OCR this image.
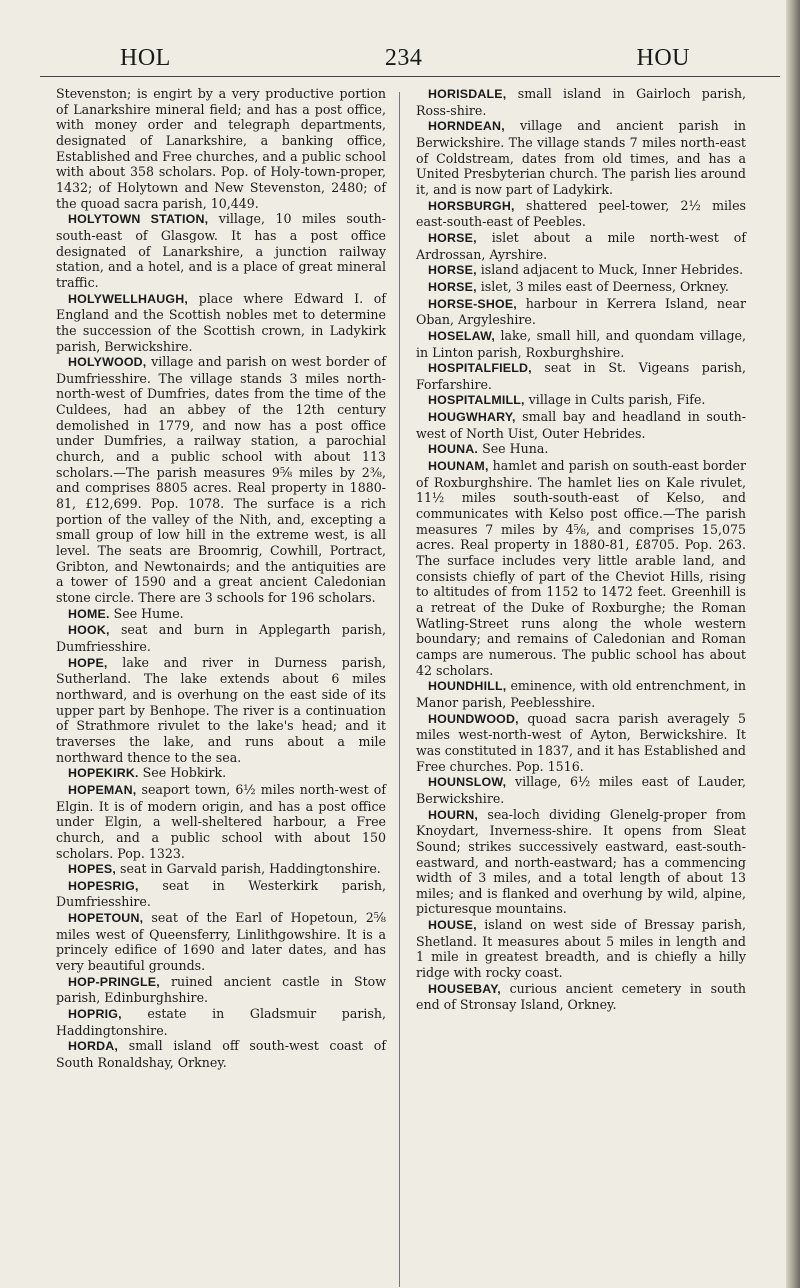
HOL	234	HOU

Stevenston; is engirt by a very productive portion of Lanarkshire mineral field; and has a post office, with money order and telegraph departments, designated of Lanarkshire, a banking office, Established and Free churches, and a public school with about 358 scholars. Pop. of Holy-town-proper, 1432; of Holytown and New Stevenston, 2480; of the quoad sacra parish, 10,449.

HOLYTOWN STATION, village, 10 miles south-south-east of Glasgow. It has a post office designated of Lanarkshire, a junction railway station, and a hotel, and is a place of great mineral traffic.

HOLYWELLHAUGH, place where Edward I. of England and the Scottish nobles met to determine the succession of the Scottish crown, in Ladykirk parish, Berwickshire.

HOLYWOOD, village and parish on west border of Dumfriesshire. The village stands 3 miles north-north-west of Dumfries, dates from the time of the Culdees, had an abbey of the 12th century demolished in 1779, and now has a post office under Dumfries, a railway station, a parochial church, and a public school with about 113 scholars.—The parish measures 9⅝ miles by 2⅜, and comprises 8805 acres. Real property in 1880-81, £12,699. Pop. 1078. The surface is a rich portion of the valley of the Nith, and, excepting a small group of low hill in the extreme west, is all level. The seats are Broomrig, Cowhill, Portract, Gribton, and Newtonairds; and the antiquities are a tower of 1590 and a great ancient Caledonian stone circle. There are 3 schools for 196 scholars.

HOME. See Hume.

HOOK, seat and burn in Applegarth parish, Dumfriesshire.

HOPE, lake and river in Durness parish, Sutherland. The lake extends about 6 miles northward, and is overhung on the east side of its upper part by Benhope. The river is a continuation of Strathmore rivulet to the lake's head; and it traverses the lake, and runs about a mile northward thence to the sea.

HOPEKIRK. See Hobkirk.

HOPEMAN, seaport town, 6½ miles north-west of Elgin. It is of modern origin, and has a post office under Elgin, a well-sheltered harbour, a Free church, and a public school with about 150 scholars. Pop. 1323.

HOPES, seat in Garvald parish, Haddingtonshire.

HOPESRIG, seat in Westerkirk parish, Dumfriesshire.

HOPETOUN, seat of the Earl of Hopetoun, 2⅝ miles west of Queensferry, Linlithgowshire. It is a princely edifice of 1690 and later dates, and has very beautiful grounds.

HOP-PRINGLE, ruined ancient castle in Stow parish, Edinburghshire.

HOPRIG, estate in Gladsmuir parish, Haddingtonshire.

HORDA, small island off south-west coast of South Ronaldshay, Orkney.

HORISDALE, small island in Gairloch parish, Ross-shire.

HORNDEAN, village and ancient parish in Berwickshire. The village stands 7 miles north-east of Coldstream, dates from old times, and has a United Presbyterian church. The parish lies around it, and is now part of Ladykirk.

HORSBURGH, shattered peel-tower, 2½ miles east-south-east of Peebles.

HORSE, islet about a mile north-west of Ardrossan, Ayrshire.

HORSE, island adjacent to Muck, Inner Hebrides.

HORSE, islet, 3 miles east of Deerness, Orkney.

HORSE-SHOE, harbour in Kerrera Island, near Oban, Argyleshire.

HOSELAW, lake, small hill, and quondam village, in Linton parish, Roxburghshire.

HOSPITALFIELD, seat in St. Vigeans parish, Forfarshire.

HOSPITALMILL, village in Cults parish, Fife.

HOUGWHARY, small bay and headland in south-west of North Uist, Outer Hebrides.

HOUNA. See Huna.

HOUNAM, hamlet and parish on south-east border of Roxburghshire. The hamlet lies on Kale rivulet, 11½ miles south-south-east of Kelso, and communicates with Kelso post office.—The parish measures 7 miles by 4⅝, and comprises 15,075 acres. Real property in 1880-81, £8705. Pop. 263. The surface includes very little arable land, and consists chiefly of part of the Cheviot Hills, rising to altitudes of from 1152 to 1472 feet. Greenhill is a retreat of the Duke of Roxburghe; the Roman Watling-Street runs along the whole western boundary; and remains of Caledonian and Roman camps are numerous. The public school has about 42 scholars.

HOUNDHILL, eminence, with old entrenchment, in Manor parish, Peeblesshire.

HOUNDWOOD, quoad sacra parish averagely 5 miles west-north-west of Ayton, Berwickshire. It was constituted in 1837, and it has Established and Free churches. Pop. 1516.

HOUNSLOW, village, 6½ miles east of Lauder, Berwickshire.

HOURN, sea-loch dividing Glenelg-proper from Knoydart, Inverness-shire. It opens from Sleat Sound; strikes successively eastward, east-south-eastward, and north-eastward; has a commencing width of 3 miles, and a total length of about 13 miles; and is flanked and overhung by wild, alpine, picturesque mountains.

HOUSE, island on west side of Bressay parish, Shetland. It measures about 5 miles in length and 1 mile in greatest breadth, and is chiefly a hilly ridge with rocky coast.

HOUSEBAY, curious ancient cemetery in south end of Stronsay Island, Orkney.
